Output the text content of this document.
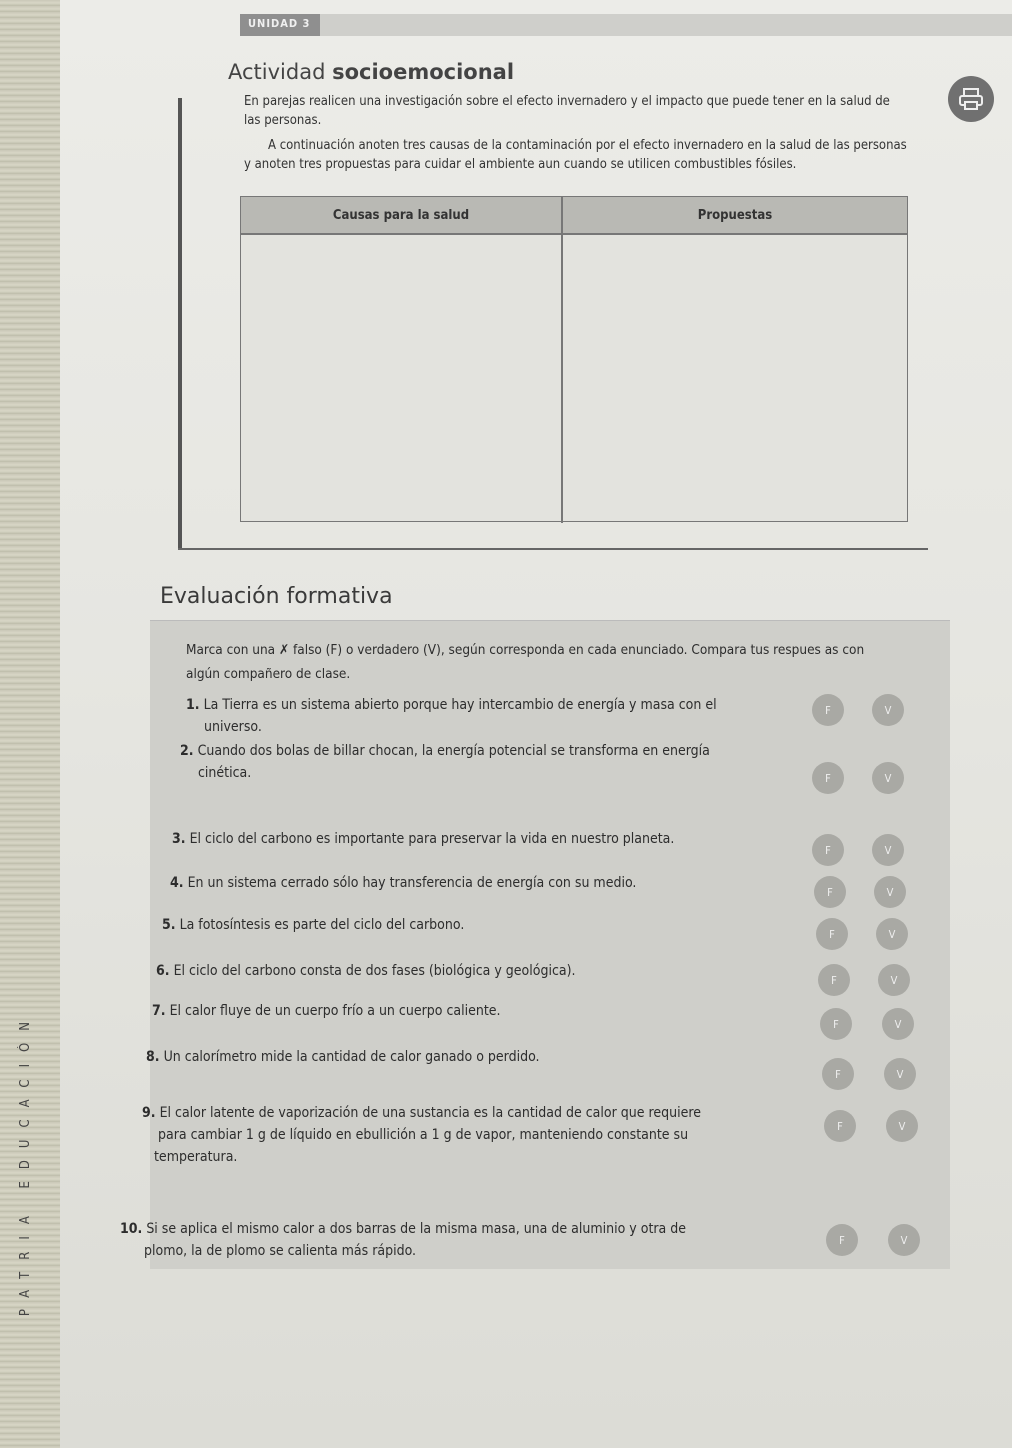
UNIDAD 3
Actividad socioemocional
En parejas realicen una investigación sobre el efecto invernadero y el impacto que puede tener en la salud de
las personas.
A continuación anoten tres causas de la contaminación por el efecto invernadero en la salud de las personas
y anoten tres propuestas para cuidar el ambiente aun cuando se utilicen combustibles fósiles.
Causas para la salud	Propuestas
Evaluación formativa
Marca con una ✗ falso (F) o verdadero (V), según corresponda en cada enunciado. Compara tus respues as con
algún compañero de clase.
1. La Tierra es un sistema abierto porque hay intercambio de energía y masa con el
universo.
F	V
2. Cuando dos bolas de billar chocan, la energía potencial se transforma en energía
cinética.	F	V
3. El ciclo del carbono es importante para preservar la vida en nuestro planeta.
F	V
4. En un sistema cerrado sólo hay transferencia de energía con su medio.
F	V
5. La fotosíntesis es parte del ciclo del carbono.
F	V
6. El ciclo del carbono consta de dos fases (biológica y geológica).
F	V
7. El calor fluye de un cuerpo frío a un cuerpo caliente.
F	V
8. Un calorímetro mide la cantidad de calor ganado o perdido.
F	V
9. El calor latente de vaporización de una sustancia es la cantidad de calor que requiere
para cambiar 1 g de líquido en ebullición a 1 g de vapor, manteniendo constante su
temperatura.
F	V
10. Si se aplica el mismo calor a dos barras de la misma masa, una de aluminio y otra de
plomo, la de plomo se calienta más rápido.
F	V
PATRIA EDUCACIÓN
